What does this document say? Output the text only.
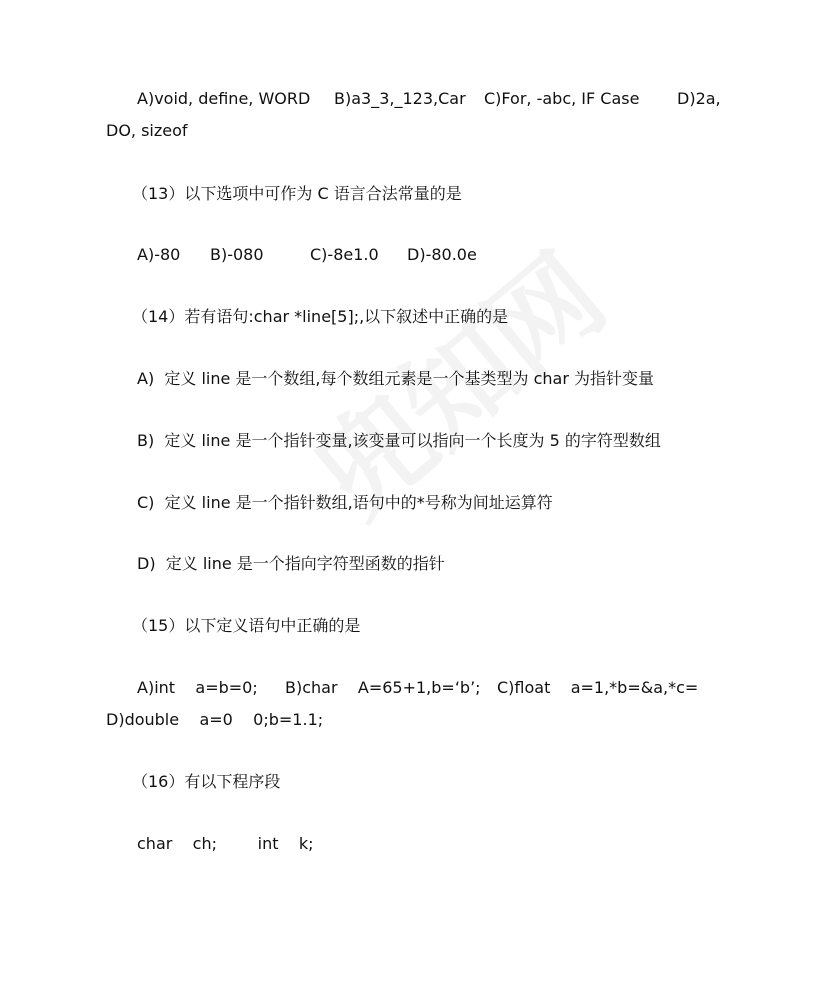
A)void, define, WORD B)a3_3,_123,Car C)For, -abc, IF Case D)2a,
DO, sizeof
（13）以下选项中可作为 C 语言合法常量的是
A)-80 B)-080	C)-8e1.0 D)-80.0e
（14）若有语句:char *line[5];,以下叙述中正确的是
A)  定义 line 是一个数组,每个数组元素是一个基类型为 char 为指针变量
B)  定义 line 是一个指针变量,该变量可以指向一个长度为 5 的字符型数组
C)  定义 line 是一个指针数组,语句中的*号称为间址运算符
D)  定义 line 是一个指向字符型函数的指针
（15）以下定义语句中正确的是
A)int    a=b=0; B)char    A=65+1,b=‘b’; C)float    a=1,*b=&a,*c=
D)double    a=0    0;b=1.1;
（16）有以下程序段
char    ch;        int    k;
